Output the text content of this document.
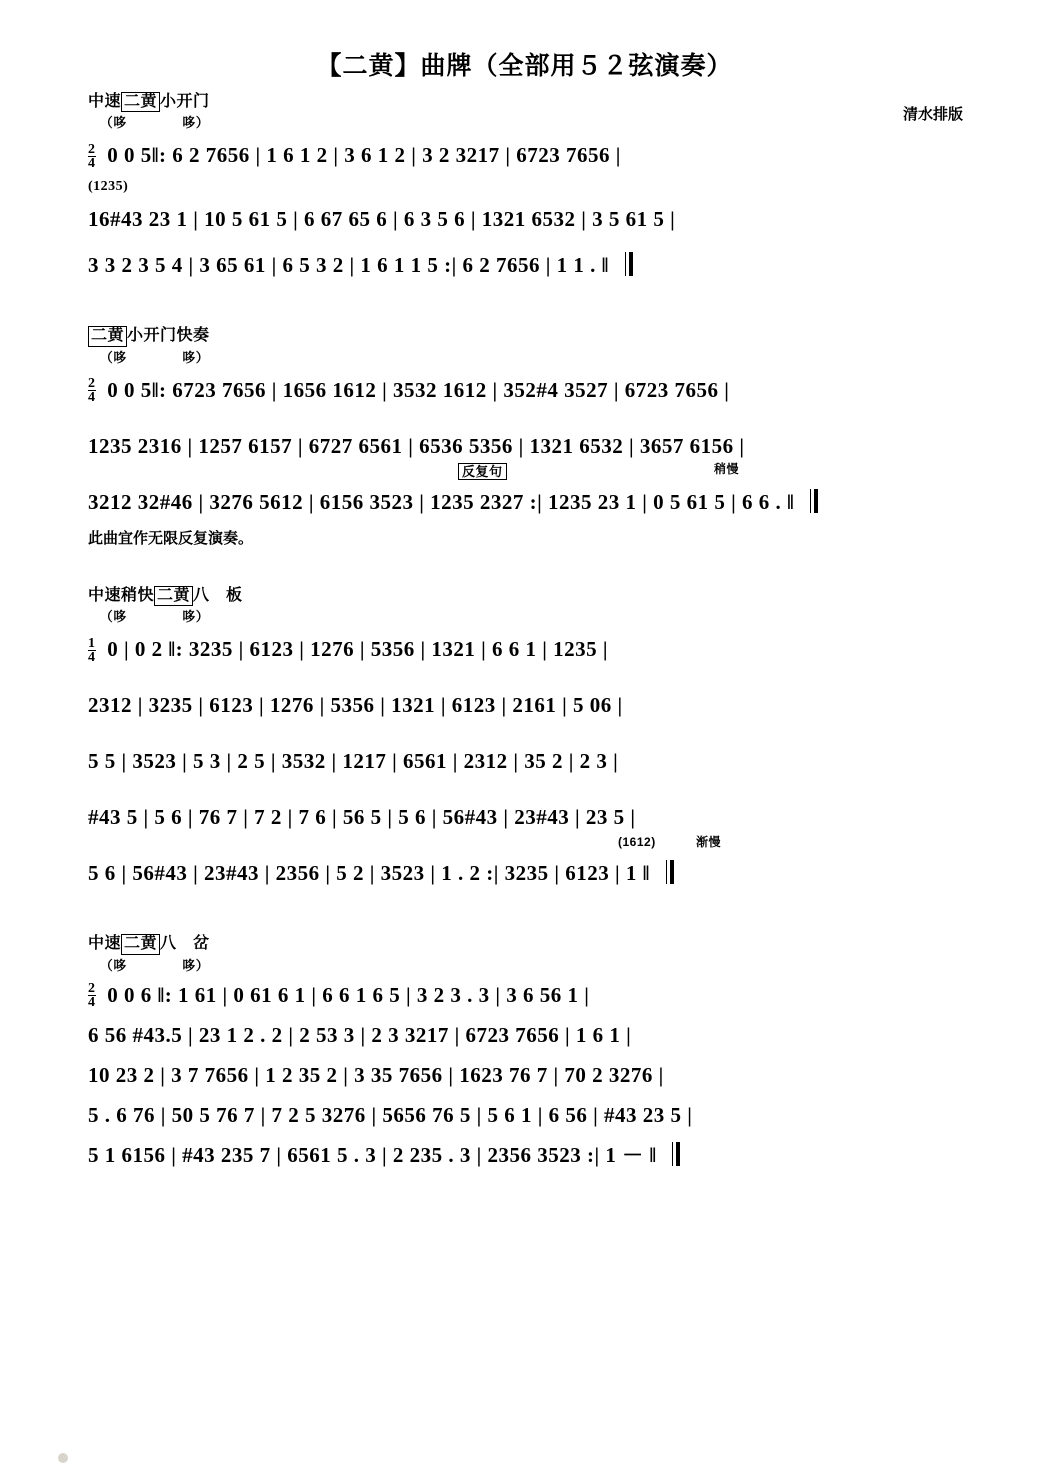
【二黄】曲牌（全部用５２弦演奏）
清水排版
中速 二黄 小开门
（哆	哆）
$\frac{2}{4} 0$ 0 5‖: 6 2 7656 | 1 6 1 2 | 3 6 1 2 | 3 2 3217 | 6723 7656 |
(1235)
16#43 23 1 | 10 5 61 5 | 6 67 65 6 | 6 3 5 6 | 1321 6532 | 3 5 61 5 |
3 3 2 3 5 4 | 3 65 61 | 6 5 3 2 | 1 6 1 1 5 :| 6 2 7656 | 1 1 . ‖
二黄 小开门快奏
（哆	哆）
$\frac{2}{4} 0$ 0 5‖: 6723 7656 | 1656 1612 | 3532 1612 | 352#4 3527 | 6723 7656 |
1235 2316 | 1257 6157 | 6727 6561 | 6536 5356 | 1321 6532 | 3657 6156 |
反复句	稍慢
3212 32#46 | 3276 5612 | 6156 3523 | 1235 2327 :| 1235 23 1 | 0 5 61 5 | 6 6 . ‖
此曲宜作无限反复演奏。
中速稍快 二黄 八　板
（哆	哆）
$\frac{1}{4} 0$ | 0 2 ‖: 3235 | 6123 | 1276 | 5356 | 1321 | 6 6 1 | 1235 |
2312 | 3235 | 6123 | 1276 | 5356 | 1321 | 6123 | 2161 | 5 06 |
5 5 | 3523 | 5 3 | 2 5 | 3532 | 1217 | 6561 | 2312 | 35 2 | 2 3 |
#43 5 | 5 6 | 76 7 | 7 2 | 7 6 | 56 5 | 5 6 | 56#43 | 23#43 | 23 5 |
(1612)	渐慢
5 6 | 56#43 | 23#43 | 2356 | 5 2 | 3523 | 1 . 2 :| 3235 | 6123 | 1 ‖
中速 二黄 八　岔
（哆	哆）
$\frac{2}{4} 0$ 0 6 ‖: 1 61 | 0 61 6 1 | 6 6 1 6 5 | 3 2 3 . 3 | 3 6 56 1 |
6 56 #43.5 | 23 1 2 . 2 | 2 53 3 | 2 3 3217 | 6723 7656 | 1 6 1 |
10 23 2 | 3 7 7656 | 1 2 35 2 | 3 35 7656 | 1623 76 7 | 70 2 3276 |
5 . 6 76 | 50 5 76 7 | 7 2 5 3276 | 5656 76 5 | 5 6 1 | 6 56 | #43 23 5 |
5 1 6156 | #43 235 7 | 6561 5 . 3 | 2 235 . 3 | 2356 3523 :| 1 － ‖
